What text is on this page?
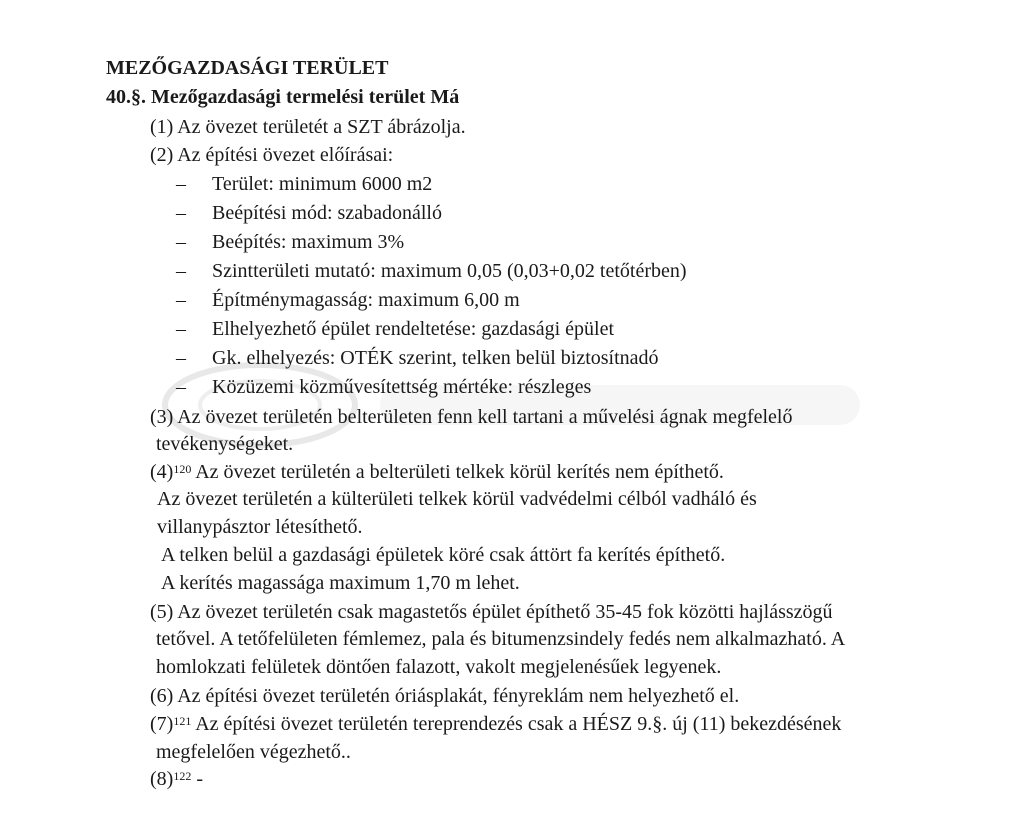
MEZŐGAZDASÁGI TERÜLET
40.§. Mezőgazdasági termelési terület Má
(1) Az övezet területét a SZT ábrázolja.
(2) Az építési övezet előírásai:
– Terület: minimum 6000 m2
– Beépítési mód: szabadonálló
– Beépítés: maximum 3%
– Szintterületi mutató: maximum 0,05 (0,03+0,02 tetőtérben)
– Építménymagasság: maximum 6,00 m
– Elhelyezhető épület rendeltetése: gazdasági épület
– Gk. elhelyezés: OTÉK szerint, telken belül biztosítnadó
– Közüzemi közművesítettség mértéke: részleges
(3) Az övezet területén belterületen fenn kell tartani a művelési ágnak megfelelő
tevékenységeket.
$(4)^{120}$ Az övezet területén a belterületi telkek körül kerítés nem építhető.
Az övezet területén a külterületi telkek körül vadvédelmi célból vadháló és
villanypásztor létesíthető.
A telken belül a gazdasági épületek köré csak áttört fa kerítés építhető.
A kerítés magassága maximum 1,70 m lehet.
(5) Az övezet területén csak magastetős épület építhető 35-45 fok közötti hajlásszögű
tetővel. A tetőfelületen fémlemez, pala és bitumenzsindely fedés nem alkalmazható. A
homlokzati felületek döntően falazott, vakolt megjelenésűek legyenek.
(6) Az építési övezet területén óriásplakát, fényreklám nem helyezhető el.
$(7)^{121}$ Az építési övezet területén tereprendezés csak a HÉSZ 9.§. új (11) bekezdésének
megfelelően végezhető..
$(8)^{122}$ -
